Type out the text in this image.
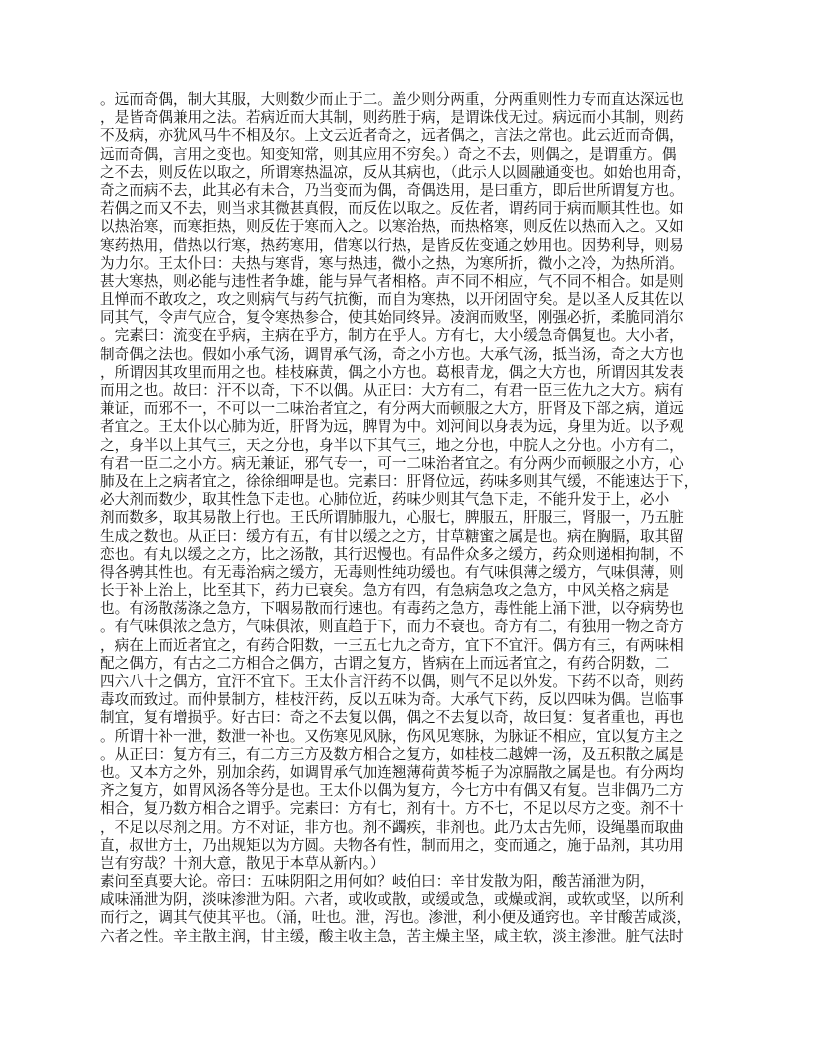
。远而奇偶，制大其服，大则数少而止于二。盖少则分两重，分两重则性力专而直达深远也
，是皆奇偶兼用之法。若病近而大其制，则药胜于病，是谓诛伐无过。病远而小其制，则药
不及病，亦犹风马牛不相及尔。上文云近者奇之，远者偶之，言法之常也。此云近而奇偶，
远而奇偶，言用之变也。知变知常，则其应用不穷矣。）奇之不去，则偶之，是谓重方。偶
之不去，则反佐以取之，所谓寒热温凉，反从其病也，（此示人以圆融通变也。如始也用奇，
奇之而病不去，此其必有未合，乃当变而为偶，奇偶迭用，是曰重方，即后世所谓复方也。
若偶之而又不去，则当求其微甚真假，而反佐以取之。反佐者，谓药同于病而顺其性也。如
以热治寒，而寒拒热，则反佐于寒而入之。以寒治热，而热格寒，则反佐以热而入之。又如
寒药热用，借热以行寒，热药寒用，借寒以行热，是皆反佐变通之妙用也。因势利导，则易
为力尔。王太仆曰：夫热与寒背，寒与热违，微小之热，为寒所折，微小之冷，为热所消。
甚大寒热，则必能与违性者争雄，能与异气者相格。声不同不相应，气不同不相合。如是则
且惮而不敢攻之，攻之则病气与药气抗衡，而自为寒热，以开闭固守矣。是以圣人反其佐以
同其气，令声气应合，复令寒热参合，使其始同终异。凌润而败坚，刚强必折，柔脆同消尔
。完素曰：流变在乎病，主病在乎方，制方在乎人。方有七，大小缓急奇偶复也。大小者，
制奇偶之法也。假如小承气汤，调胃承气汤，奇之小方也。大承气汤，抵当汤，奇之大方也
，所谓因其攻里而用之也。桂枝麻黄，偶之小方也。葛根青龙，偶之大方也，所谓因其发表
而用之也。故曰：汗不以奇，下不以偶。从正曰：大方有二，有君一臣三佐九之大方。病有
兼证，而邪不一，不可以一二味治者宜之，有分两大而顿服之大方，肝肾及下部之病，道远
者宜之。王太仆以心肺为近，肝肾为远，脾胃为中。刘河间以身表为远，身里为近。以予观
之，身半以上其气三，天之分也，身半以下其气三，地之分也，中脘人之分也。小方有二，
有君一臣二之小方。病无兼证，邪气专一，可一二味治者宜之。有分两少而顿服之小方，心
肺及在上之病者宜之，徐徐细呷是也。完素曰：肝肾位远，药味多则其气缓，不能速达于下，
必大剂而数少，取其性急下走也。心肺位近，药味少则其气急下走，不能升发于上，必小
剂而数多，取其易散上行也。王氏所谓肺服九，心服七，脾服五，肝服三，肾服一，乃五脏
生成之数也。从正曰：缓方有五，有甘以缓之之方，甘草糖蜜之属是也。病在胸膈，取其留
恋也。有丸以缓之之方，比之汤散，其行迟慢也。有品件众多之缓方，药众则递相拘制，不
得各骋其性也。有无毒治病之缓方，无毒则性纯功缓也。有气味俱薄之缓方，气味俱薄，则
长于补上治上，比至其下，药力已衰矣。急方有四，有急病急攻之急方，中风关格之病是
也。有汤散荡涤之急方，下咽易散而行速也。有毒药之急方，毒性能上涌下泄，以夺病势也
。有气味俱浓之急方，气味俱浓，则直趋于下，而力不衰也。奇方有二，有独用一物之奇方
，病在上而近者宜之，有药合阳数，一三五七九之奇方，宜下不宜汗。偶方有三，有两味相
配之偶方，有古之二方相合之偶方，古谓之复方，皆病在上而远者宜之，有药合阴数，二
四六八十之偶方，宜汗不宜下。王太仆言汗药不以偶，则气不足以外发。下药不以奇，则药
毒攻而致过。而仲景制方，桂枝汗药，反以五味为奇。大承气下药，反以四味为偶。岂临事
制宜，复有增损乎。好古曰：奇之不去复以偶，偶之不去复以奇，故曰复：复者重也，再也
。所谓十补一泄，数泄一补也。又伤寒见风脉，伤风见寒脉，为脉证不相应，宜以复方主之
。从正曰：复方有三，有二方三方及数方相合之复方，如桂枝二越婢一汤，及五积散之属是
也。又本方之外，别加余药，如调胃承气加连翘薄荷黄芩栀子为凉膈散之属是也。有分两均
齐之复方，如胃风汤各等分是也。王太仆以偶为复方，今七方中有偶又有复。岂非偶乃二方
相合，复乃数方相合之谓乎。完素曰：方有七，剂有十。方不七，不足以尽方之变。剂不十
，不足以尽剂之用。方不对证，非方也。剂不蠲疾，非剂也。此乃太古先师，设绳墨而取曲
直，叔世方士，乃出规矩以为方圆。夫物各有性，制而用之，变而通之，施于品剂，其功用
岂有穷哉？十剂大意，散见于本草从新内。）
素问至真要大论。帝曰：五味阴阳之用何如？岐伯曰：辛甘发散为阳，酸苦涌泄为阴，
咸味涌泄为阴，淡味渗泄为阳。六者，或收或散，或缓或急，或燥或润，或软或坚，以所利
而行之，调其气使其平也。（涌，吐也。泄，泻也。渗泄，利小便及通窍也。辛甘酸苦咸淡，
六者之性。辛主散主润，甘主缓，酸主收主急，苦主燥主坚，咸主软，淡主渗泄。脏气法时
